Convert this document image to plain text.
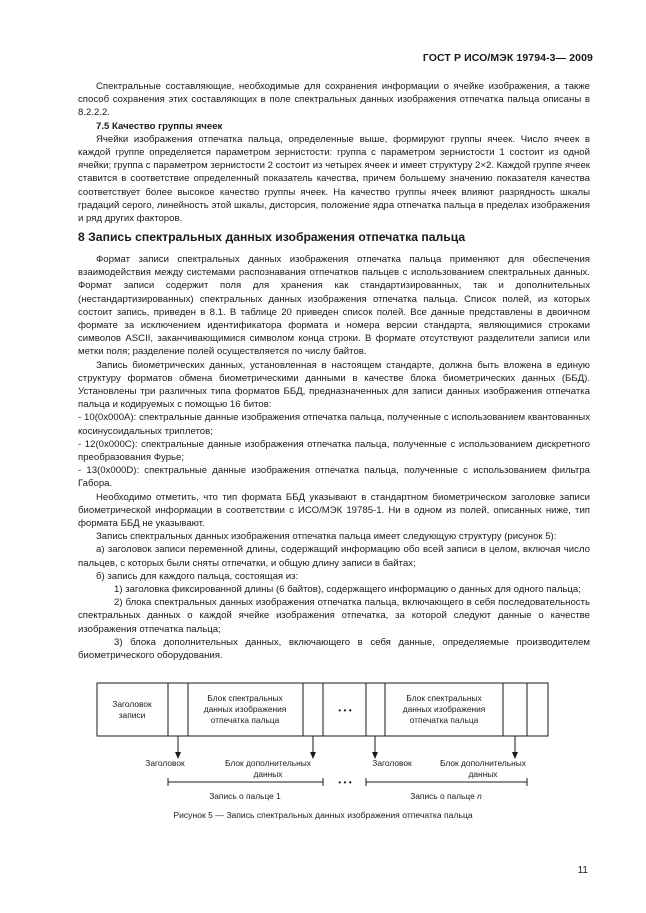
ГОСТ Р ИСО/МЭК 19794-3— 2009

Спектральные составляющие, необходимые для сохранения информации о ячейке изображения, а также способ сохранения этих составляющих в поле спектральных данных изображения отпечатка пальца описаны в 8.2.2.2.

7.5 Качество группы ячеек

Ячейки изображения отпечатка пальца, определенные выше, формируют группы ячеек. Число ячеек в каждой группе определяется параметром зернистости: группа с параметром зернистости 1 состоит из одной ячейки; группа с параметром зернистости 2 состоит из четырех ячеек и имеет структуру 2×2. Каждой группе ячеек ставится в соответствие определенный показатель качества, причем большему значению показателя качества соответствует более высокое качество группы ячеек. На качество группы ячеек влияют разрядность шкалы градаций серого, линейность этой шкалы, дисторсия, положение ядра отпечатка пальца в пределах изображения и ряд других факторов.

8 Запись спектральных данных изображения отпечатка пальца

Формат записи спектральных данных изображения отпечатка пальца применяют для обеспечения взаимодействия между системами распознавания отпечатков пальцев с использованием спектральных данных. Формат записи содержит поля для хранения как стандартизированных, так и дополнительных (нестандартизированных) спектральных данных изображения отпечатка пальца. Список полей, из которых состоит запись, приведен в 8.1. В таблице 20 приведен список полей. Все данные представлены в двоичном формате за исключением идентификатора формата и номера версии стандарта, являющимися строками символов ASCII, заканчивающимися символом конца строки. В формате отсутствуют разделители записи или метки поля; разделение полей осуществляется по числу байтов.

Запись биометрических данных, установленная в настоящем стандарте, должна быть вложена в единую структуру форматов обмена биометрическими данными в качестве блока биометрических данных (ББД). Установлены три различных типа форматов ББД, предназначенных для записи данных изображения отпечатка пальца и кодируемых с помощью 16 битов:

- 10(0x000A): спектральные данные изображения отпечатка пальца, полученные с использованием квантованных косинусоидальных триплетов;

- 12(0x000C): спектральные данные изображения отпечатка пальца, полученные с использованием дискретного преобразования Фурье;

- 13(0x000D): спектральные данные изображения отпечатка пальца, полученные с использованием фильтра Габора.

Необходимо отметить, что тип формата ББД указывают в стандартном биометрическом заголовке записи биометрической информации в соответствии с ИСО/МЭК 19785-1. Ни в одном из полей, описанных ниже, тип формата ББД не указывают.

Запись спектральных данных изображения отпечатка пальца имеет следующую структуру (рисунок 5):

а) заголовок записи переменной длины, содержащий информацию обо всей записи в целом, включая число пальцев, с которых были сняты отпечатки, и общую длину записи в байтах;

б) запись для каждого пальца, состоящая из:

1) заголовка фиксированной длины (6 байтов), содержащего информацию о данных для одного пальца;

2) блока спектральных данных изображения отпечатка пальца, включающего в себя последовательность спектральных данных о каждой ячейке изображения отпечатка, за которой следуют данные о качестве изображения отпечатка пальца;

3) блока дополнительных данных, включающего в себя данные, определяемые производителем биометрического оборудования.

Заголовок
записи
Блок спектральных
данных изображения
отпечатка пальца
• • •
Блок спектральных
данных изображения
отпечатка пальца
Заголовок	Блок дополнительных
данных
• • •
Заголовок	Блок дополнительных
данных
Запись о пальце 1	Запись о пальце n
Рисунок 5 — Запись спектральных данных изображения отпечатка пальца
11
